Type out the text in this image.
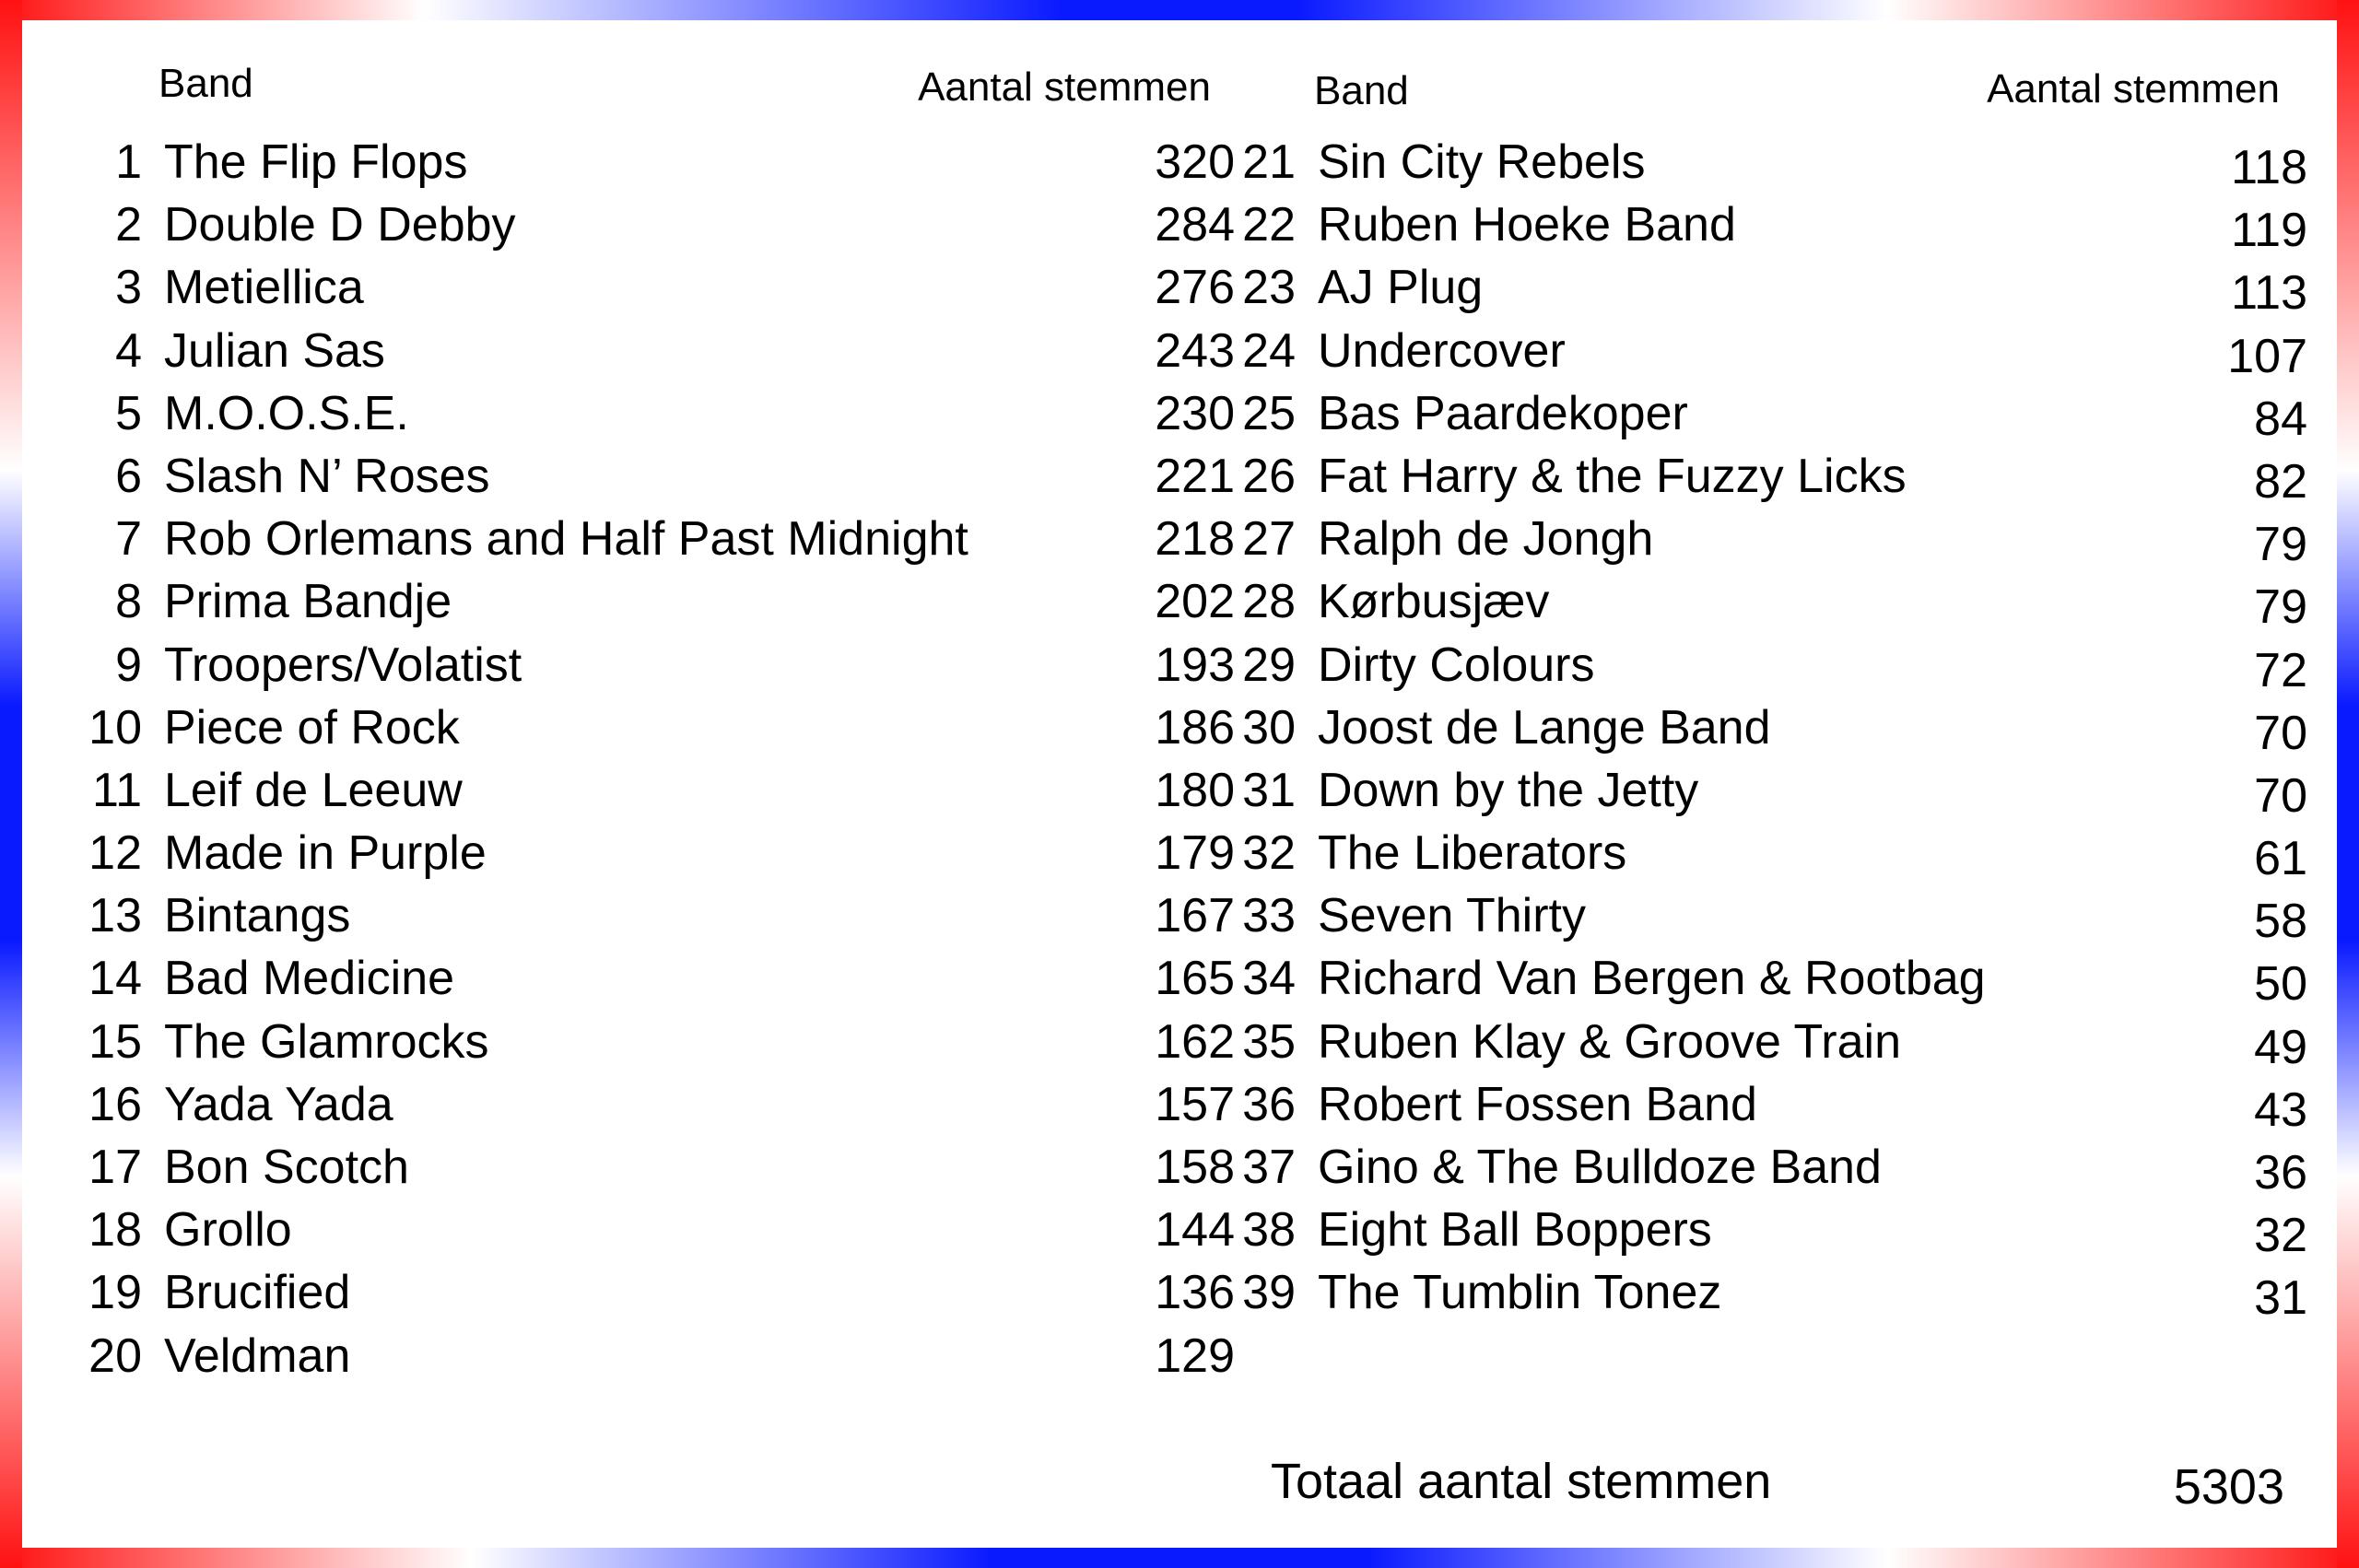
Band	Aantal stemmen
1 The Flip Flops	320
2 Double D Debby	284
3 Metiellica	276
4 Julian Sas	243
5 M.O.O.S.E.	230
6 Slash N’ Roses	221
7 Rob Orlemans and Half Past Midnight	218
8 Prima Bandje	202
9 Troopers/Volatist	193
10 Piece of Rock	186
11 Leif de Leeuw	180
12 Made in Purple	179
13 Bintangs	167
14 Bad Medicine	165
15 The Glamrocks	162
16 Yada Yada	157
17 Bon Scotch	158
18 Grollo	144
19 Brucified	136
20 Veldman	129
Band	Aantal stemmen
21 Sin City Rebels	118
22 Ruben Hoeke Band	119
23 AJ Plug	113
24 Undercover	107
25 Bas Paardekoper	84
26 Fat Harry & the Fuzzy Licks	82
27 Ralph de Jongh	79
28 Kørbusjæv	79
29 Dirty Colours	72
30 Joost de Lange Band	70
31 Down by the Jetty	70
32 The Liberators	61
33 Seven Thirty	58
34 Richard Van Bergen & Rootbag	50
35 Ruben Klay & Groove Train	49
36 Robert Fossen Band	43
37 Gino & The Bulldoze Band	36
38 Eight Ball Boppers	32
39 The Tumblin Tonez	31
Totaal aantal stemmen	5303
